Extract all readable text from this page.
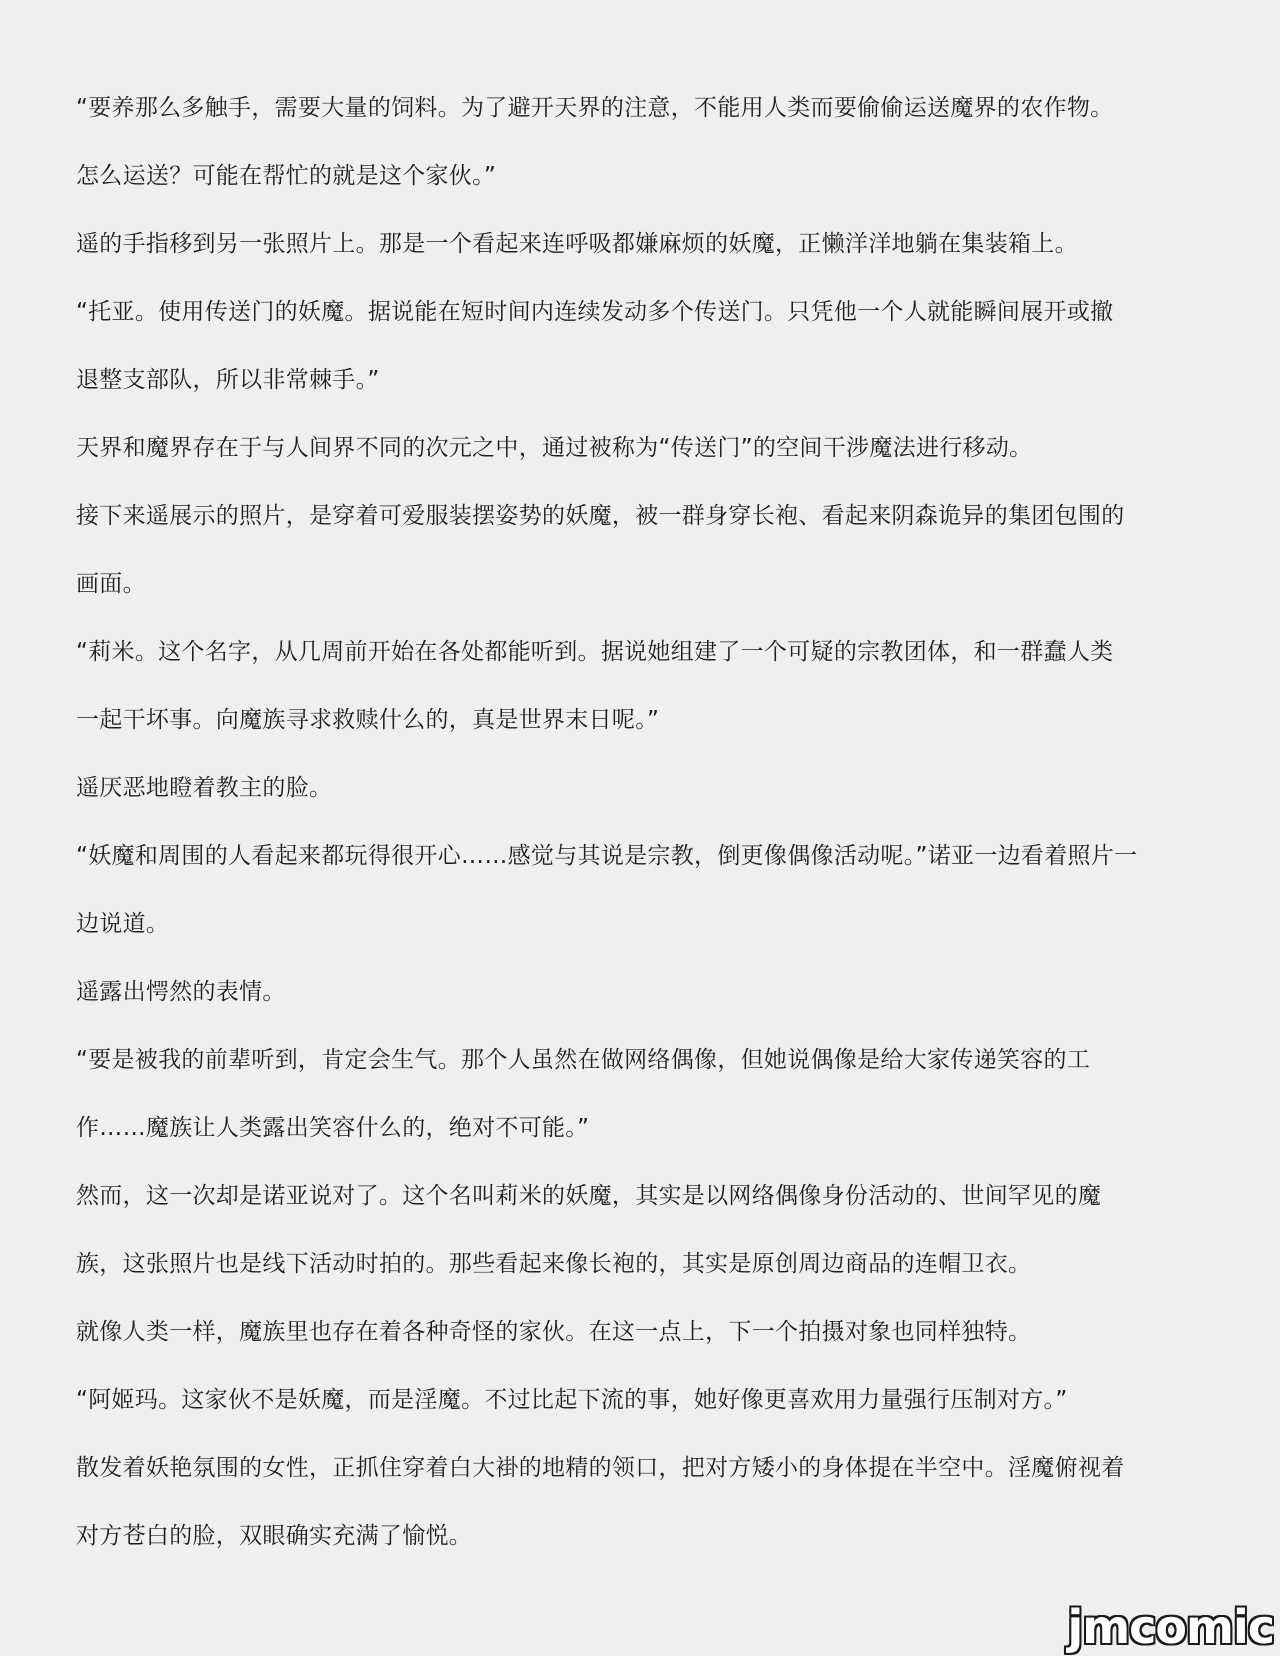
“要养那么多触手，需要大量的饲料。为了避开天界的注意，不能用人类而要偷偷运送魔界的农作物。
怎么运送？可能在帮忙的就是这个家伙。”
遥的手指移到另一张照片上。那是一个看起来连呼吸都嫌麻烦的妖魔，正懒洋洋地躺在集装箱上。
“托亚。使用传送门的妖魔。据说能在短时间内连续发动多个传送门。只凭他一个人就能瞬间展开或撤
退整支部队，所以非常棘手。”
天界和魔界存在于与人间界不同的次元之中，通过被称为“传送门”的空间干涉魔法进行移动。
接下来遥展示的照片，是穿着可爱服装摆姿势的妖魔，被一群身穿长袍、看起来阴森诡异的集团包围的
画面。
“莉米。这个名字，从几周前开始在各处都能听到。据说她组建了一个可疑的宗教团体，和一群蠢人类
一起干坏事。向魔族寻求救赎什么的，真是世界末日呢。”
遥厌恶地瞪着教主的脸。
“妖魔和周围的人看起来都玩得很开心……感觉与其说是宗教，倒更像偶像活动呢。”诺亚一边看着照片一
边说道。
遥露出愕然的表情。
“要是被我的前辈听到，肯定会生气。那个人虽然在做网络偶像，但她说偶像是给大家传递笑容的工
作……魔族让人类露出笑容什么的，绝对不可能。”
然而，这一次却是诺亚说对了。这个名叫莉米的妖魔，其实是以网络偶像身份活动的、世间罕见的魔
族，这张照片也是线下活动时拍的。那些看起来像长袍的，其实是原创周边商品的连帽卫衣。
就像人类一样，魔族里也存在着各种奇怪的家伙。在这一点上，下一个拍摄对象也同样独特。
“阿姬玛。这家伙不是妖魔，而是淫魔。不过比起下流的事，她好像更喜欢用力量强行压制对方。”
散发着妖艳氛围的女性，正抓住穿着白大褂的地精的领口，把对方矮小的身体提在半空中。淫魔俯视着
对方苍白的脸，双眼确实充满了愉悦。
jmcomic
